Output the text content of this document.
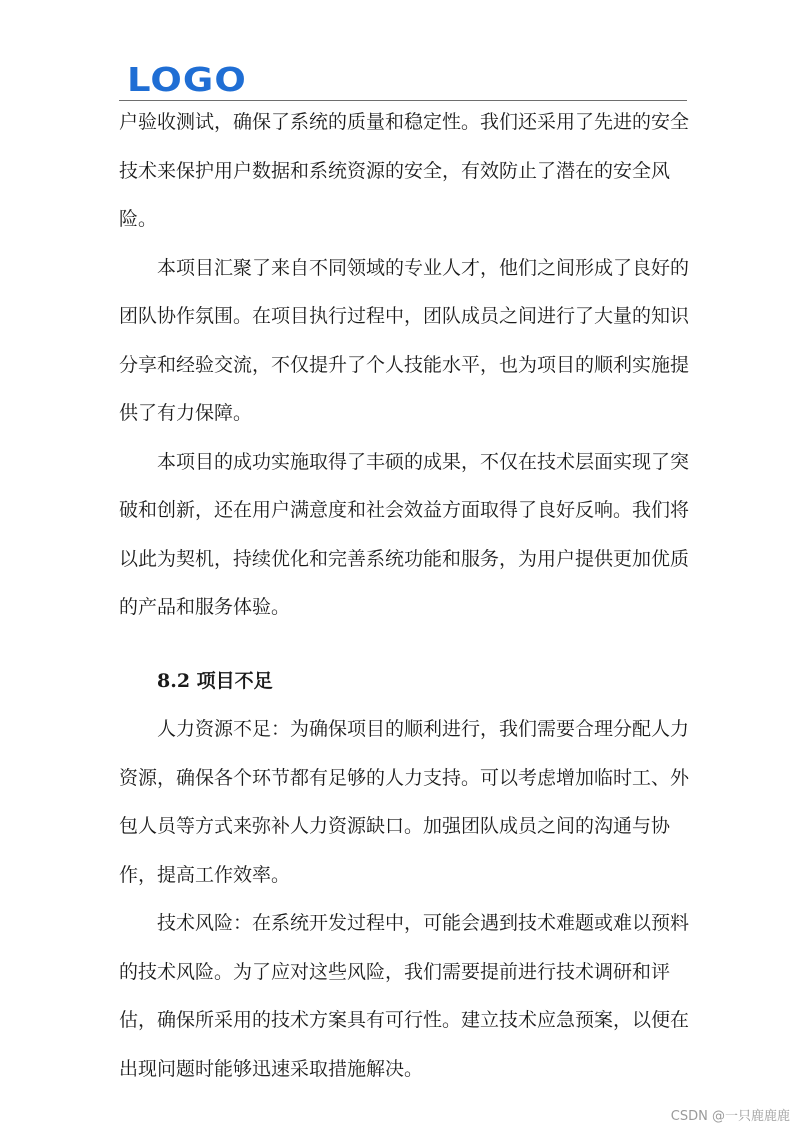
LOGO

户验收测试，确保了系统的质量和稳定性。我们还采用了先进的安全技术来保护用户数据和系统资源的安全，有效防止了潜在的安全风险。

本项目汇聚了来自不同领域的专业人才，他们之间形成了良好的团队协作氛围。在项目执行过程中，团队成员之间进行了大量的知识分享和经验交流，不仅提升了个人技能水平，也为项目的顺利实施提供了有力保障。

本项目的成功实施取得了丰硕的成果，不仅在技术层面实现了突破和创新，还在用户满意度和社会效益方面取得了良好反响。我们将以此为契机，持续优化和完善系统功能和服务，为用户提供更加优质的产品和服务体验。

8.2 项目不足

人力资源不足：为确保项目的顺利进行，我们需要合理分配人力资源，确保各个环节都有足够的人力支持。可以考虑增加临时工、外包人员等方式来弥补人力资源缺口。加强团队成员之间的沟通与协作，提高工作效率。

技术风险：在系统开发过程中，可能会遇到技术难题或难以预料的技术风险。为了应对这些风险，我们需要提前进行技术调研和评估，确保所采用的技术方案具有可行性。建立技术应急预案，以便在出现问题时能够迅速采取措施解决。

CSDN @一只鹿鹿鹿
